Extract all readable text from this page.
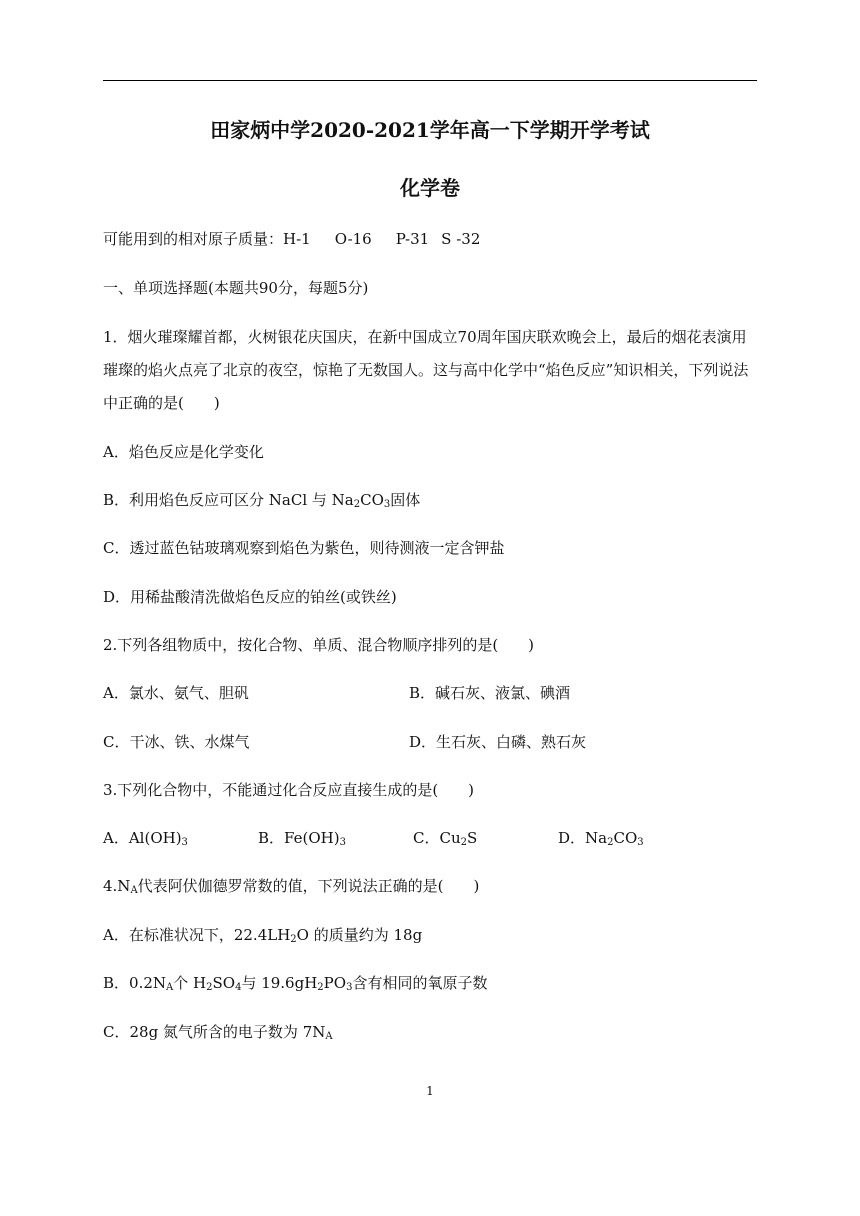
田家炳中学2020-2021学年高一下学期开学考试
化学卷
可能用到的相对原子质量：H-1 O-16 P-31 S -32
一、单项选择题(本题共90分，每题5分)
1．烟火璀璨耀首都，火树银花庆国庆，在新中国成立70周年国庆联欢晚会上，最后的烟花表演用
璀璨的焰火点亮了北京的夜空，惊艳了无数国人。这与高中化学中“焰色反应”知识相关，下列说法
中正确的是(　　)
A．焰色反应是化学变化
B．利用焰色反应可区分 NaCl 与 $Na_2CO_3$固体
C．透过蓝色钴玻璃观察到焰色为紫色，则待测液一定含钾盐
D．用稀盐酸清洗做焰色反应的铂丝(或铁丝)
2.下列各组物质中，按化合物、单质、混合物顺序排列的是(　　)
A．氯水、氨气、胆矾	B．碱石灰、液氯、碘酒
C．干冰、铁、水煤气	D．生石灰、白磷、熟石灰
3.下列化合物中，不能通过化合反应直接生成的是(　　)
A．$Al(OH)_3$	B．$Fe(OH)_3$	C．$Cu_2S$	D．$Na_2CO_3$
$4.N_A$代表阿伏伽德罗常数的值，下列说法正确的是(　　)
A．在标准状况下，$22.4LH_2O$ 的质量约为 18g
B．$0.2N_A$个 $H_2SO_4$与 $19.6gH_2PO_3$含有相同的氧原子数
C．28g 氮气所含的电子数为 $7N_A$
1
